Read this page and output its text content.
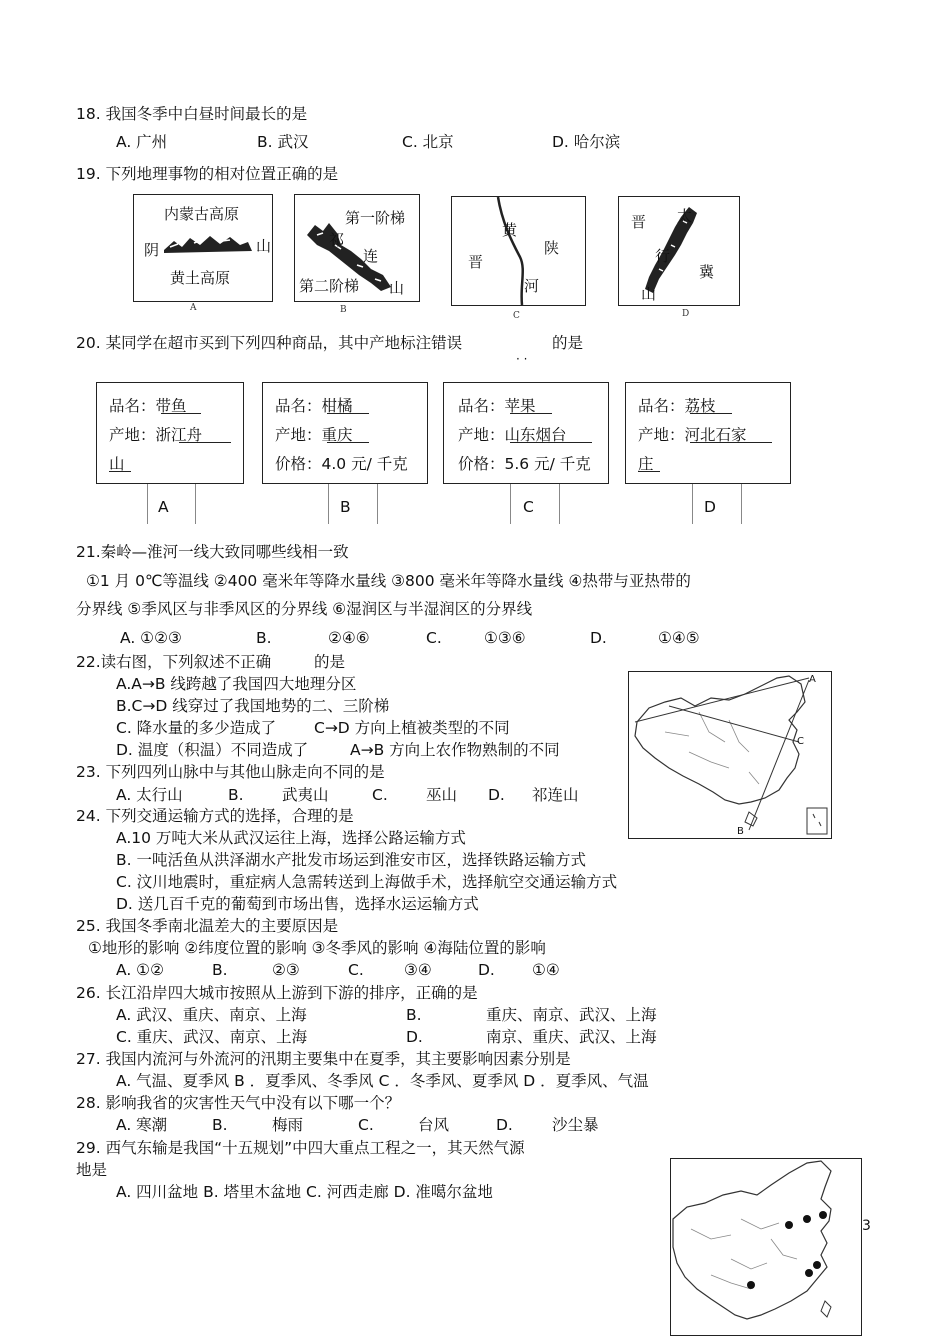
18. 我国冬季中白昼时间最长的是
A. 广州	B. 武汉	C. 北京	D. 哈尔滨
19. 下列地理事物的相对位置正确的是
内蒙古高原
阴	山
黄土高原
A
第一阶梯
祁
连
第二阶梯 山
B
黄
陕
晋
河
C
晋 太
行
冀
山
D
20. 某同学在超市买到下列四种商品，其中产地标注错误
· ·
的是
品名：带鱼
产地：浙江舟
山
品名：柑橘
产地：重庆
价格：4.0 元/ 千克
品名：苹果
产地：山东烟台
价格：5.6 元/ 千克
品名：荔枝
产地：河北石家
庄
A	B	C	D
21.秦岭—淮河一线大致同哪些线相一致
①1 月 0℃等温线 ②400 毫米年等降水量线 ③800 毫米年等降水量线 ④热带与亚热带的
分界线 ⑤季风区与非季风区的分界线 ⑥湿润区与半湿润区的分界线
A. ①②③	B.	②④⑥	C.	①③⑥	D.	①④⑤
22.读右图，下列叙述不正确	的是
A.A→B 线跨越了我国四大地理分区
B.C→D 线穿过了我国地势的二、三阶梯
C. 降水量的多少造成了 C→D 方向上植被类型的不同
D. 温度（积温）不同造成了	A→B 方向上农作物熟制的不同
A
B
C
23. 下列四列山脉中与其他山脉走向不同的是
A. 太行山	B. 武夷山	C. 巫山 D. 祁连山
24. 下列交通运输方式的选择，合理的是
A.10 万吨大米从武汉运往上海，选择公路运输方式
B. 一吨活鱼从洪泽湖水产批发市场运到淮安市区，选择铁路运输方式
C. 汶川地震时，重症病人急需转送到上海做手术，选择航空交通运输方式
D. 送几百千克的葡萄到市场出售，选择水运运输方式
25. 我国冬季南北温差大的主要原因是
①地形的影响 ②纬度位置的影响 ③冬季风的影响 ④海陆位置的影响
A. ①②	B.	②③	C.	③④	D. ①④
26. 长江沿岸四大城市按照从上游到下游的排序，正确的是
A. 武汉、重庆、南京、上海	B.	重庆、南京、武汉、上海
C. 重庆、武汉、南京、上海	D.	南京、重庆、武汉、上海
27. 我国内流河与外流河的汛期主要集中在夏季，其主要影响因素分别是
A. 气温、夏季风 B ．夏季风、冬季风 C ．冬季风、夏季风 D ．夏季风、气温
28. 影响我省的灾害性天气中没有以下哪一个？
A. 寒潮	B.	梅雨	C.	台风	D.	沙尘暴
29. 西气东输是我国“十五规划”中四大重点工程之一，其天然气源
地是
A. 四川盆地 B. 塔里木盆地 C. 河西走廊 D. 准噶尔盆地
3
